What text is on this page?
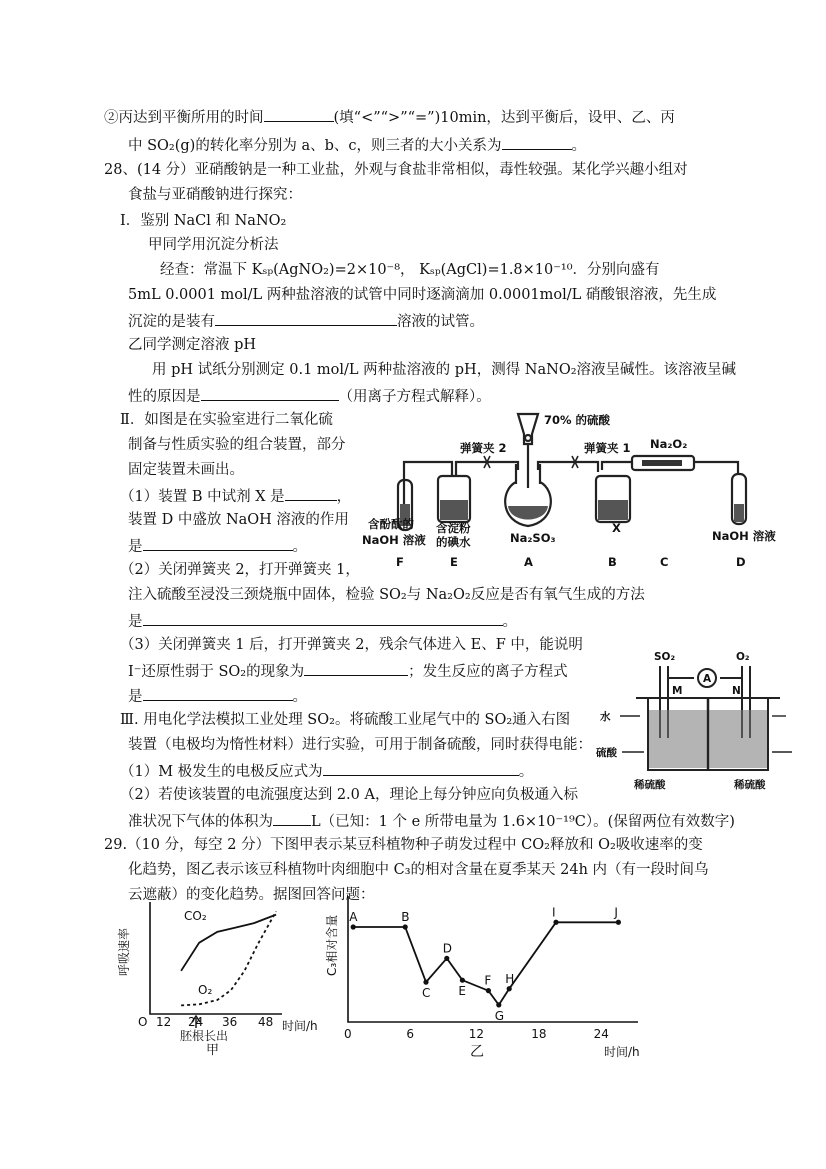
②丙达到平衡所用的时间	(填“<”“>”“=”)10min，达到平衡后，设甲、乙、丙
中 SO₂(g)的转化率分别为 a、b、c，则三者的大小关系为	。
28、(14 分）亚硝酸钠是一种工业盐，外观与食盐非常相似，毒性较强。某化学兴趣小组对
食盐与亚硝酸钠进行探究：
Ⅰ．鉴别 NaCl 和 NaNO₂
甲同学用沉淀分析法
经查：常温下 Kₛₚ(AgNO₂)=2×10⁻⁸， Kₛₚ(AgCl)=1.8×10⁻¹⁰．分别向盛有
5mL 0.0001 mol/L 两种盐溶液的试管中同时逐滴滴加 0.0001mol/L 硝酸银溶液，先生成
沉淀的是装有	溶液的试管。
乙同学测定溶液 pH
用 pH 试纸分别测定 0.1 mol/L 两种盐溶液的 pH，测得 NaNO₂溶液呈碱性。该溶液呈碱
性的原因是	（用离子方程式解释）。
Ⅱ．如图是在实验室进行二氧化硫
制备与性质实验的组合装置，部分
固定装置未画出。
（1）装置 B 中试剂 X 是	，
装置 D 中盛放 NaOH 溶液的作用
是	。
（2）关闭弹簧夹 2，打开弹簧夹 1，
注入硫酸至浸没三颈烧瓶中固体，检验 SO₂与 Na₂O₂反应是否有氧气生成的方法
是	。
（3）关闭弹簧夹 1 后，打开弹簧夹 2，残余气体进入 E、F 中，能说明
I⁻还原性弱于 SO₂的现象为	；发生反应的离子方程式
是	。
Ⅲ. 用电化学法模拟工业处理 SO₂。将硫酸工业尾气中的 SO₂通入右图
装置（电极均为惰性材料）进行实验，可用于制备硫酸，同时获得电能：
（1）M 极发生的电极反应式为	。
（2）若使该装置的电流强度达到 2.0 A，理论上每分钟应向负极通入标
准状况下气体的体积为	L（已知：1 个 e 所带电量为 1.6×10⁻¹⁹C）。(保留两位有效数字)
29.（10 分，每空 2 分）下图甲表示某豆科植物种子萌发过程中 CO₂释放和 O₂吸收速率的变
化趋势，图乙表示该豆科植物叶肉细胞中 C₃的相对含量在夏季某天 24h 内（有一段时间乌
云遮蔽）的变化趋势。据图回答问题：
70% 的硫酸
弹簧夹 2	弹簧夹 1 Na₂O₂
Na₂SO₃
X
含酚酞的
NaOH 溶液
含淀粉
的碘水	NaOH 溶液
F	E	A	B	C	D
SO₂	O₂
A
M	N
水
硫酸
稀硫酸	稀硫酸
呼吸速率
时间/h
O 12 24 36 48
胚根长出
甲
CO₂
O₂
C₃相对含量
时间/h
乙
0	6	12	18	24
A	B
C
D
E
F
G
H
I	J
